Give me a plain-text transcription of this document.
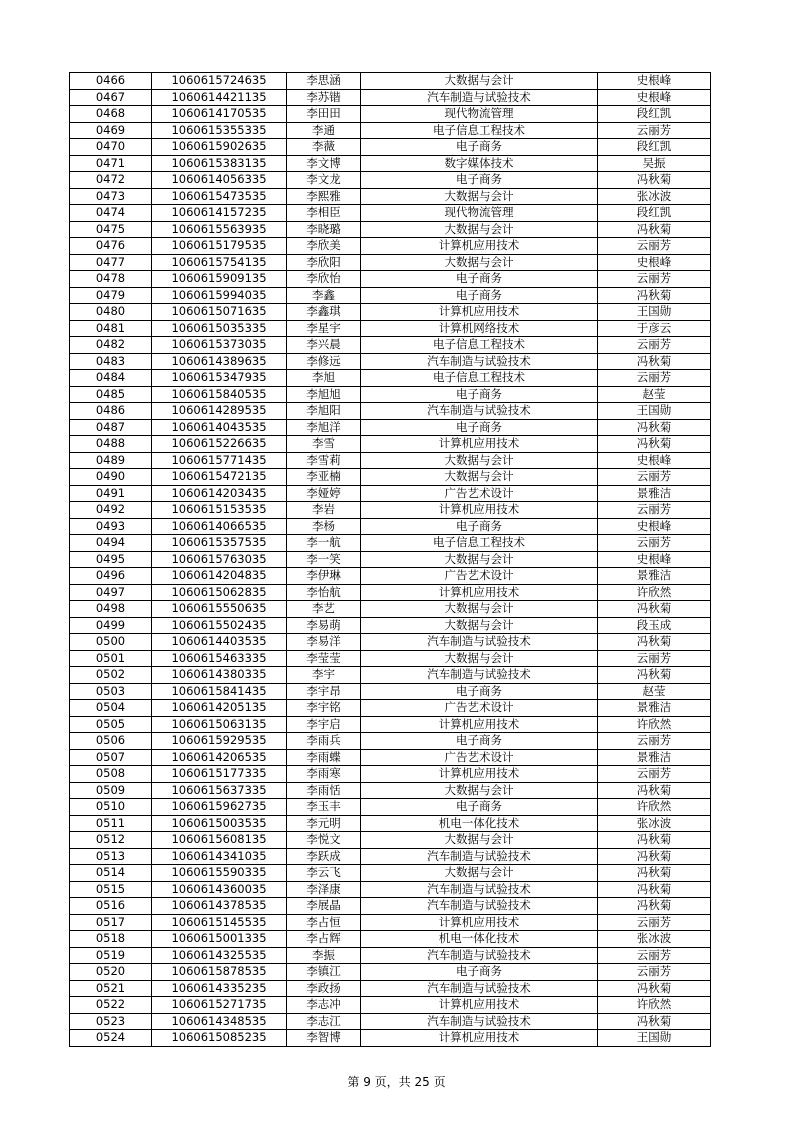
0466	1060615724635	李思涵	大数据与会计	史根峰
0467	1060614421135	李苏锴	汽车制造与试验技术	史根峰
0468	1060614170535	李田田	现代物流管理	段红凯
0469	1060615355335	李通	电子信息工程技术	云丽芳
0470	1060615902635	李薇	电子商务	段红凯
0471	1060615383135	李文博	数字媒体技术	吴振
0472	1060614056335	李文龙	电子商务	冯秋菊
0473	1060615473535	李熙雅	大数据与会计	张冰波
0474	1060614157235	李相臣	现代物流管理	段红凯
0475	1060615563935	李晓璐	大数据与会计	冯秋菊
0476	1060615179535	李欣美	计算机应用技术	云丽芳
0477	1060615754135	李欣阳	大数据与会计	史根峰
0478	1060615909135	李欣怡	电子商务	云丽芳
0479	1060615994035	李鑫	电子商务	冯秋菊
0480	1060615071635	李鑫琪	计算机应用技术	王国勋
0481	1060615035335	李星宇	计算机网络技术	于彦云
0482	1060615373035	李兴晨	电子信息工程技术	云丽芳
0483	1060614389635	李修远	汽车制造与试验技术	冯秋菊
0484	1060615347935	李旭	电子信息工程技术	云丽芳
0485	1060615840535	李旭旭	电子商务	赵莹
0486	1060614289535	李旭阳	汽车制造与试验技术	王国勋
0487	1060614043535	李旭洋	电子商务	冯秋菊
0488	1060615226635	李雪	计算机应用技术	冯秋菊
0489	1060615771435	李雪莉	大数据与会计	史根峰
0490	1060615472135	李亚楠	大数据与会计	云丽芳
0491	1060614203435	李娅婷	广告艺术设计	景雅洁
0492	1060615153535	李岩	计算机应用技术	云丽芳
0493	1060614066535	李杨	电子商务	史根峰
0494	1060615357535	李一航	电子信息工程技术	云丽芳
0495	1060615763035	李一笑	大数据与会计	史根峰
0496	1060614204835	李伊琳	广告艺术设计	景雅洁
0497	1060615062835	李怡航	计算机应用技术	许欣然
0498	1060615550635	李艺	大数据与会计	冯秋菊
0499	1060615502435	李易萌	大数据与会计	段玉成
0500	1060614403535	李易洋	汽车制造与试验技术	冯秋菊
0501	1060615463335	李莹莹	大数据与会计	云丽芳
0502	1060614380335	李宇	汽车制造与试验技术	冯秋菊
0503	1060615841435	李宇昂	电子商务	赵莹
0504	1060614205135	李宇铭	广告艺术设计	景雅洁
0505	1060615063135	李宇启	计算机应用技术	许欣然
0506	1060615929535	李雨兵	电子商务	云丽芳
0507	1060614206535	李雨蝶	广告艺术设计	景雅洁
0508	1060615177335	李雨寒	计算机应用技术	云丽芳
0509	1060615637335	李雨恬	大数据与会计	冯秋菊
0510	1060615962735	李玉丰	电子商务	许欣然
0511	1060615003535	李元明	机电一体化技术	张冰波
0512	1060615608135	李悦文	大数据与会计	冯秋菊
0513	1060614341035	李跃成	汽车制造与试验技术	冯秋菊
0514	1060615590335	李云飞	大数据与会计	冯秋菊
0515	1060614360035	李泽康	汽车制造与试验技术	冯秋菊
0516	1060614378535	李展晶	汽车制造与试验技术	冯秋菊
0517	1060615145535	李占恒	计算机应用技术	云丽芳
0518	1060615001335	李占辉	机电一体化技术	张冰波
0519	1060614325535	李振	汽车制造与试验技术	云丽芳
0520	1060615878535	李镇江	电子商务	云丽芳
0521	1060614335235	李政扬	汽车制造与试验技术	冯秋菊
0522	1060615271735	李志冲	计算机应用技术	许欣然
0523	1060614348535	李志江	汽车制造与试验技术	冯秋菊
0524	1060615085235	李智博	计算机应用技术	王国勋
第 9 页，共 25 页
